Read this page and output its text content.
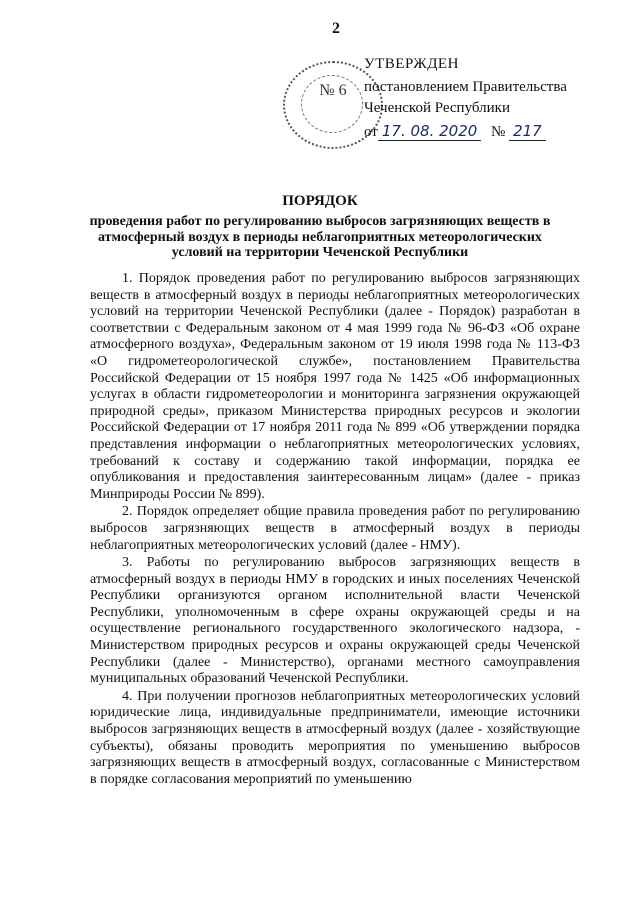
2
№ 6
УТВЕРЖДЕН
постановлением Правительства
Чеченской Республики
от 17. 08. 2020 № 217
ПОРЯДОК
проведения работ по регулированию выбросов загрязняющих веществ в атмосферный воздух в периоды неблагоприятных метеорологических условий на территории Чеченской Республики

1. Порядок проведения работ по регулированию выбросов загрязняющих веществ в атмосферный воздух в периоды неблагоприятных метеорологических условий на территории Чеченской Республики (далее - Порядок) разработан в соответствии с Федеральным законом от 4 мая 1999 года № 96-ФЗ «Об охране атмосферного воздуха», Федеральным законом от 19 июля 1998 года № 113-ФЗ «О гидрометеорологической службе», постановлением Правительства Российской Федерации от 15 ноября 1997 года № 1425 «Об информационных услугах в области гидрометеорологии и мониторинга загрязнения окружающей природной среды», приказом Министерства природных ресурсов и экологии Российской Федерации от 17 ноября 2011 года № 899 «Об утверждении порядка представления информации о неблагоприятных метеорологических условиях, требований к составу и содержанию такой информации, порядка ее опубликования и предоставления заинтересованным лицам» (далее - приказ Минприроды России № 899).

2. Порядок определяет общие правила проведения работ по регулированию выбросов загрязняющих веществ в атмосферный воздух в периоды неблагоприятных метеорологических условий (далее - НМУ).

3. Работы по регулированию выбросов загрязняющих веществ в атмосферный воздух в периоды НМУ в городских и иных поселениях Чеченской Республики организуются органом исполнительной власти Чеченской Республики, уполномоченным в сфере охраны окружающей среды и на осуществление регионального государственного экологического надзора, - Министерством природных ресурсов и охраны окружающей среды Чеченской Республики (далее - Министерство), органами местного самоуправления муниципальных образований Чеченской Республики.

4. При получении прогнозов неблагоприятных метеорологических условий юридические лица, индивидуальные предприниматели, имеющие источники выбросов загрязняющих веществ в атмосферный воздух (далее - хозяйствующие субъекты), обязаны проводить мероприятия по уменьшению выбросов загрязняющих веществ в атмосферный воздух, согласованные с Министерством в порядке согласования мероприятий по уменьшению
